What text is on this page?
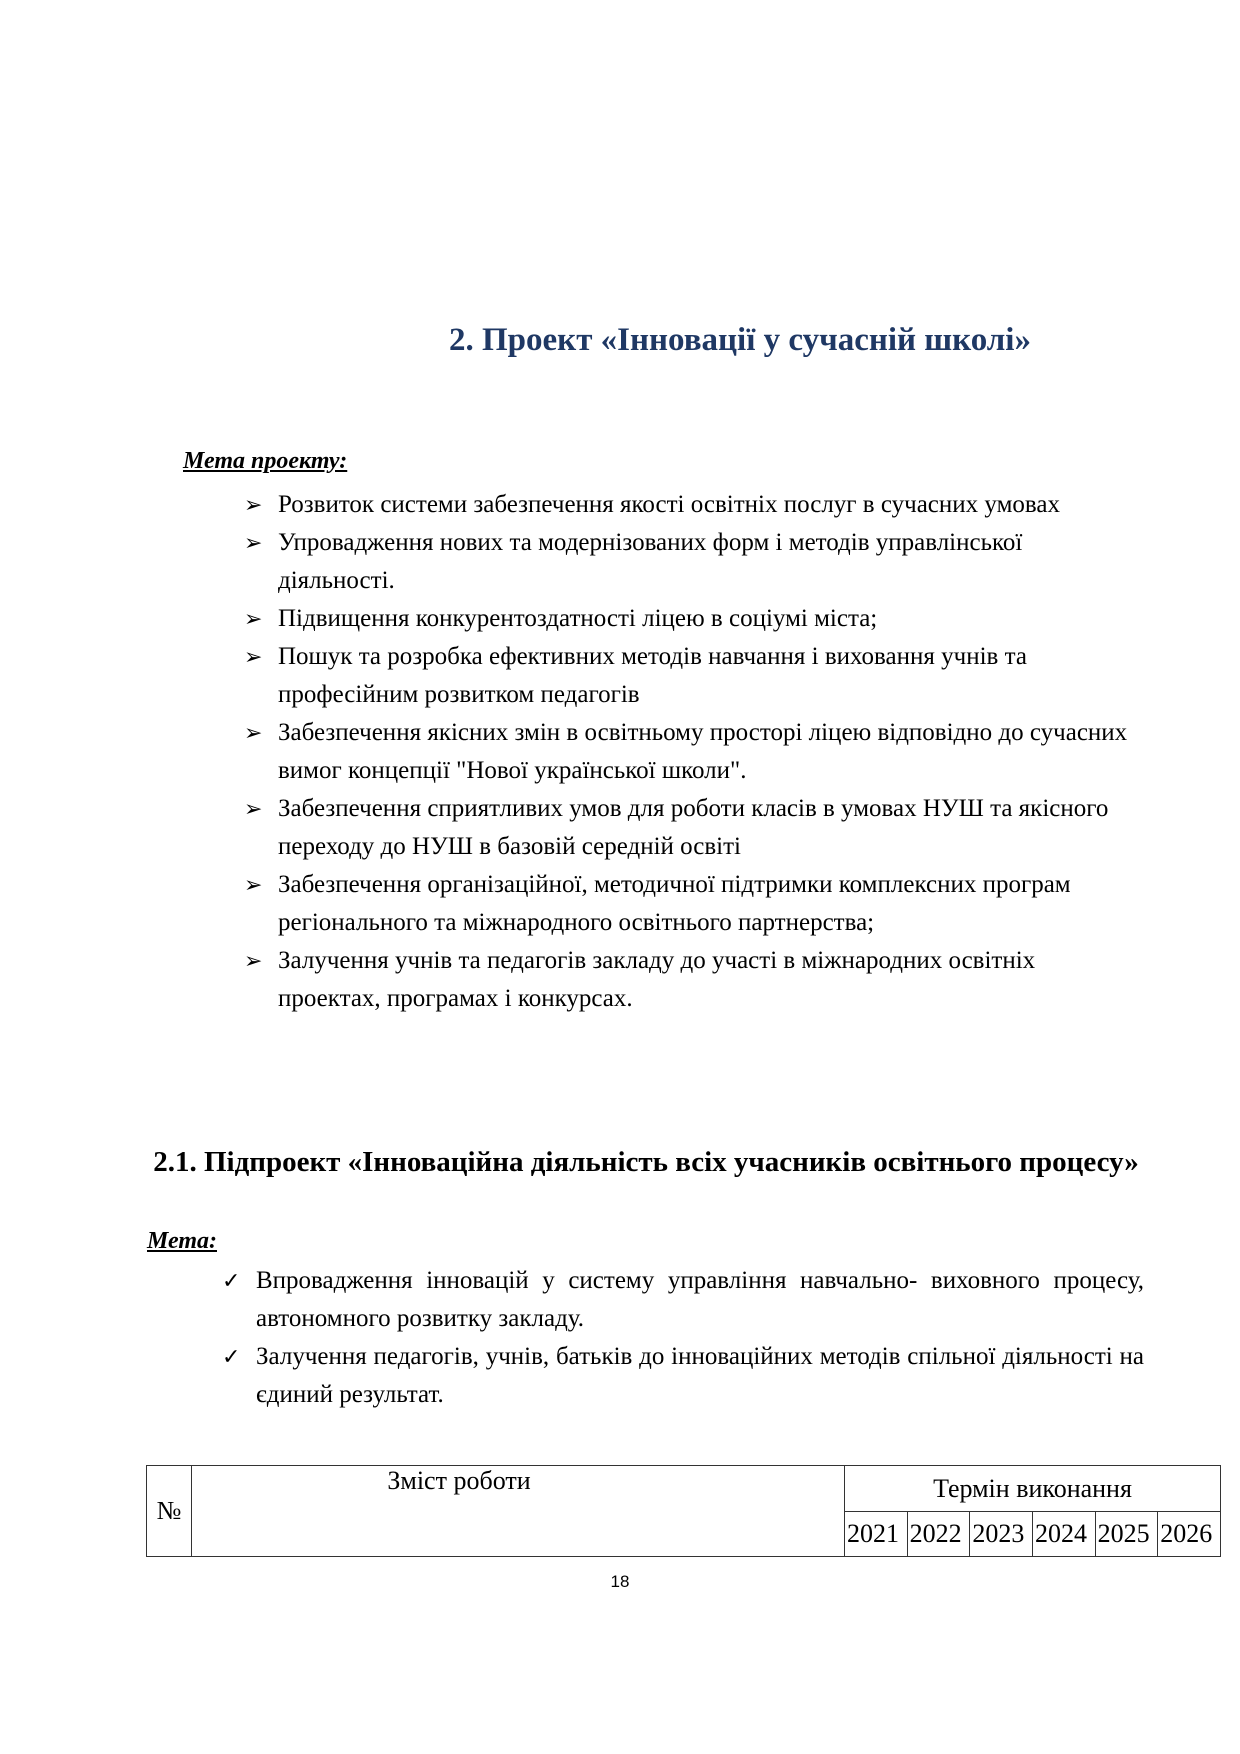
2. Проект «Інновації у сучасній школі»
Мета проекту:
➢ Розвиток системи забезпечення якості освітніх послуг в сучасних умовах
➢ Упровадження нових та модернізованих форм і методів управлінської діяльності.
➢ Підвищення конкурентоздатності ліцею в соціумі міста;
➢ Пошук та розробка ефективних методів навчання і виховання учнів та професійним розвитком педагогів
➢ Забезпечення якісних змін в освітньому просторі ліцею відповідно до сучасних вимог концепції "Нової української школи".
➢ Забезпечення сприятливих умов для роботи класів в умовах НУШ та якісного переходу до НУШ в базовій середній освіті
➢ Забезпечення організаційної, методичної підтримки комплексних програм регіонального та міжнародного освітнього партнерства;
➢ Залучення учнів та педагогів закладу до участі в міжнародних освітніх проектах, програмах і конкурсах.
2.1. Підпроект «Інноваційна діяльність всіх учасників освітнього процесу»
Мета:
✓ Впровадження інновацій у систему управління навчально- виховного процесу, автономного розвитку закладу.
✓ Залучення педагогів, учнів, батьків до інноваційних методів спільної діяльності на єдиний результат.
№	Зміст роботи	Термін виконання					
		2021	2022	2023	2024	2025	2026
18
